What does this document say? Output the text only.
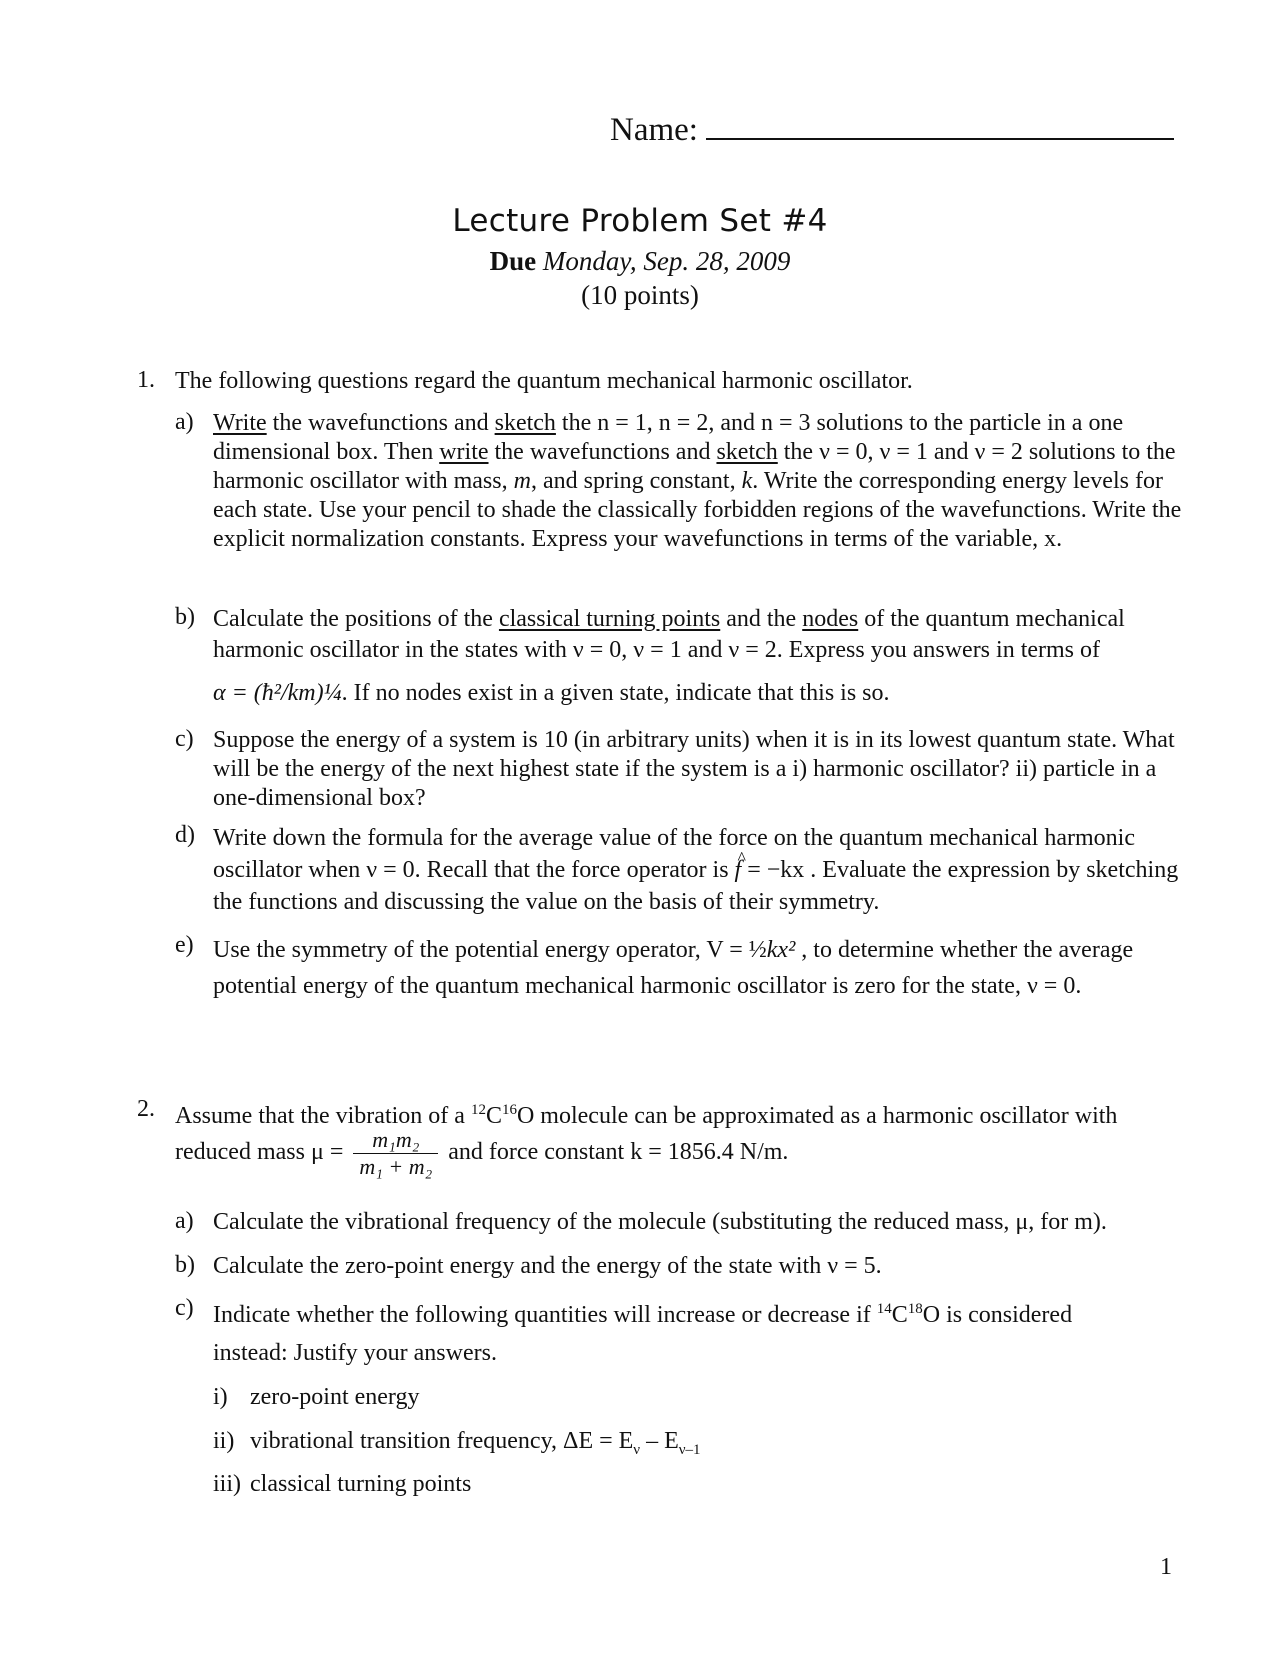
Name:
Lecture Problem Set #4
Due Monday, Sep. 28, 2009
(10 points)
1. The following questions regard the quantum mechanical harmonic oscillator.
a) Write the wavefunctions and sketch the n = 1, n = 2, and n = 3 solutions to the particle in a one dimensional box. Then write the wavefunctions and sketch the ν = 0, ν = 1 and ν = 2 solutions to the harmonic oscillator with mass, m, and spring constant, k. Write the corresponding energy levels for each state. Use your pencil to shade the classically forbidden regions of the wavefunctions. Write the explicit normalization constants. Express your wavefunctions in terms of the variable, x.
b) Calculate the positions of the classical turning points and the nodes of the quantum mechanical harmonic oscillator in the states with ν = 0, ν = 1 and ν = 2. Express you answers in terms of
α = (ħ²/km)¼. If no nodes exist in a given state, indicate that this is so.
c) Suppose the energy of a system is 10 (in arbitrary units) when it is in its lowest quantum state. What will be the energy of the next highest state if the system is a i) harmonic oscillator? ii) particle in a one-dimensional box?
d) Write down the formula for the average value of the force on the quantum mechanical harmonic oscillator when ν = 0. Recall that the force operator is ^ f = −kx . Evaluate the expression by sketching the functions and discussing the value on the basis of their symmetry.
e) Use the symmetry of the potential energy operator, V = ½kx² , to determine whether the average potential energy of the quantum mechanical harmonic oscillator is zero for the state, ν = 0.
2. Assume that the vibration of a $^{12}C^{16}O$ molecule can be approximated as a harmonic oscillator with
reduced mass $\mu = \frac{\text{m₁m₂}}{\text{m₁ + m₂}}$ and force constant k = 1856.4 N/m.
a) Calculate the vibrational frequency of the molecule (substituting the reduced mass, μ, for m).
b) Calculate the zero-point energy and the energy of the state with ν = 5.
c) Indicate whether the following quantities will increase or decrease if $^{14}C^{18}O$ is considered
instead: Justify your answers.
i) zero-point energy
ii) vibrational transition frequency, $\Delta E = E_\nu - E_{\nu-1}$
iii) classical turning points
1
